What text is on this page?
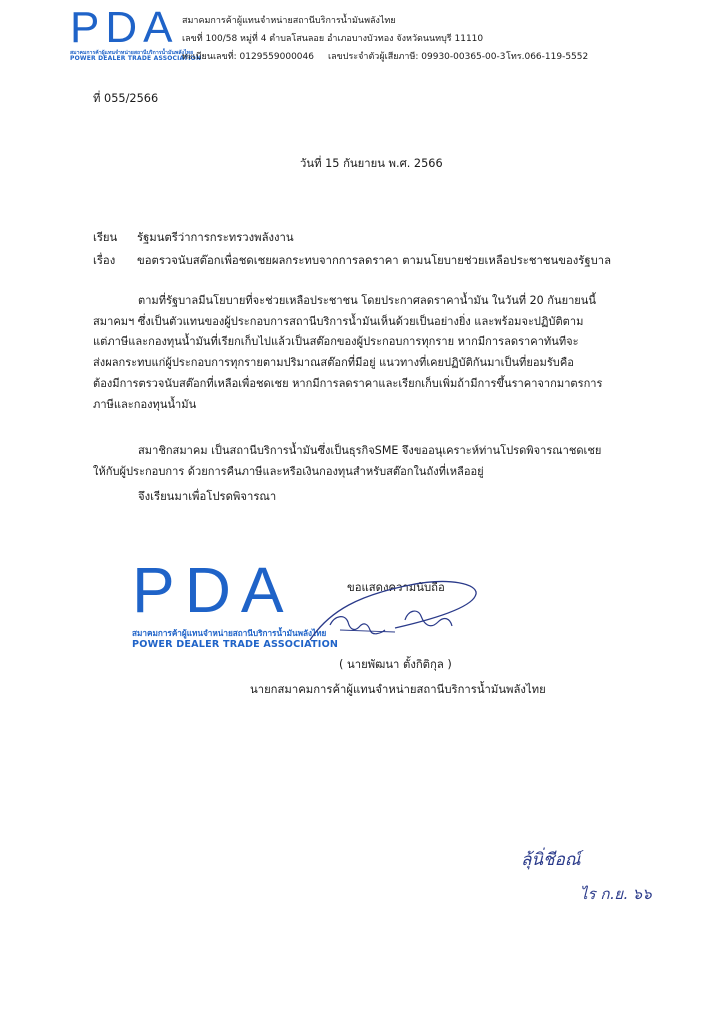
PDA
สมาคมการค้าผู้แทนจำหน่ายสถานีบริการน้ำมันพลังไทย
POWER DEALER TRADE ASSOCIATION
สมาคมการค้าผู้แทนจำหน่ายสถานีบริการน้ำมันพลังไทย
เลขที่ 100/58 หมู่ที่ 4 ตำบลโสนลอย อำเภอบางบัวทอง จังหวัดนนทบุรี 11110
ทะเบียนเลขที่: 0129559000046 เลขประจำตัวผู้เสียภาษี: 09930-00365-00-3 โทร.066-119-5552
ที่ 055/2566
วันที่ 15 กันยายน พ.ศ. 2566
เรียน รัฐมนตรีว่าการกระทรวงพลังงาน
เรื่อง ขอตรวจนับสต๊อกเพื่อชดเชยผลกระทบจากการลดราคา ตามนโยบายช่วยเหลือประชาชนของรัฐบาล
ตามที่รัฐบาลมีนโยบายที่จะช่วยเหลือประชาชน โดยประกาศลดราคาน้ำมัน ในวันที่ 20 กันยายนนี้
สมาคมฯ ซึ่งเป็นตัวแทนของผู้ประกอบการสถานีบริการน้ำมันเห็นด้วยเป็นอย่างยิ่ง และพร้อมจะปฏิบัติตาม
แต่ภาษีและกองทุนน้ำมันที่เรียกเก็บไปแล้วเป็นสต๊อกของผู้ประกอบการทุกราย หากมีการลดราคาทันทีจะ
ส่งผลกระทบแก่ผู้ประกอบการทุกรายตามปริมาณสต๊อกที่มีอยู่ แนวทางที่เคยปฏิบัติกันมาเป็นที่ยอมรับคือ
ต้องมีการตรวจนับสต๊อกที่เหลือเพื่อชดเชย หากมีการลดราคาและเรียกเก็บเพิ่มถ้ามีการขึ้นราคาจากมาตรการ
ภาษีและกองทุนน้ำมัน
สมาชิกสมาคม เป็นสถานีบริการน้ำมันซึ่งเป็นธุรกิจSME จึงขออนุเคราะห์ท่านโปรดพิจารณาชดเชย
ให้กับผู้ประกอบการ ด้วยการคืนภาษีและหรือเงินกองทุนสำหรับสต๊อกในถังที่เหลืออยู่
จึงเรียนมาเพื่อโปรดพิจารณา
PDA
สมาคมการค้าผู้แทนจำหน่ายสถานีบริการน้ำมันพลังไทย
POWER DEALER TRADE ASSOCIATION
ขอแสดงความนับถือ
( นายพัฒนา ตั้งกิติกุล )
นายกสมาคมการค้าผู้แทนจำหน่ายสถานีบริการน้ำมันพลังไทย
ลุ้นิ่ชีอณ์
ไร ก.ย. ๖๖
